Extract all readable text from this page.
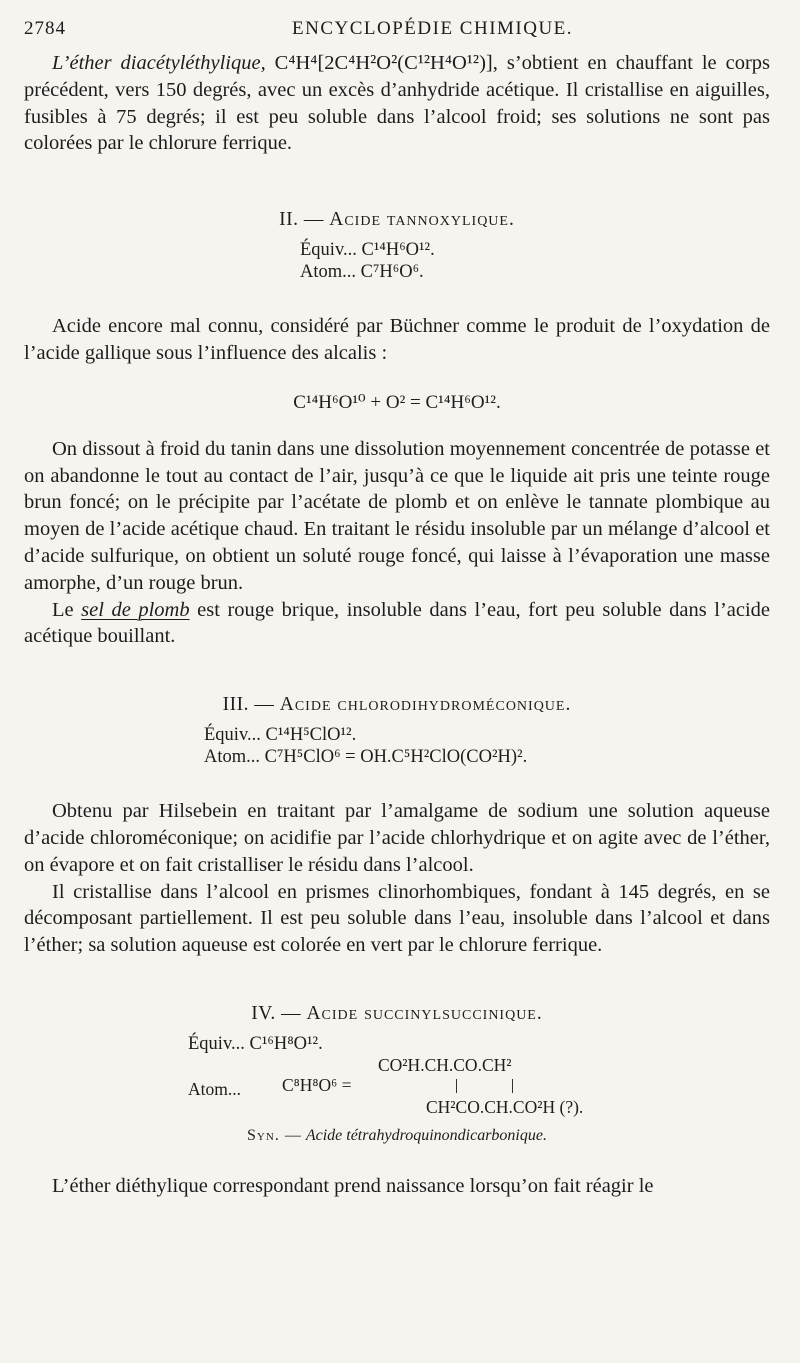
2784	ENCYCLOPÉDIE CHIMIQUE.

L’éther diacétyléthylique, C⁴H⁴[2C⁴H²O²(C¹²H⁴O¹²)], s’obtient en chauffant le corps précédent, vers 150 degrés, avec un excès d’anhydride acétique. Il cristallise en aiguilles, fusibles à 75 degrés; il est peu soluble dans l’alcool froid; ses solutions ne sont pas colorées par le chlorure ferrique.

II. — Acide tannoxylique.
Équiv... C¹⁴H⁶O¹².
Atom... C⁷H⁶O⁶.

Acide encore mal connu, considéré par Büchner comme le produit de l’oxydation de l’acide gallique sous l’influence des alcalis :

C¹⁴H⁶O¹⁰ + O² = C¹⁴H⁶O¹².

On dissout à froid du tanin dans une dissolution moyennement concentrée de potasse et on abandonne le tout au contact de l’air, jusqu’à ce que le liquide ait pris une teinte rouge brun foncé; on le précipite par l’acétate de plomb et on enlève le tannate plombique au moyen de l’acide acétique chaud. En traitant le résidu insoluble par un mélange d’alcool et d’acide sulfurique, on obtient un soluté rouge foncé, qui laisse à l’évaporation une masse amorphe, d’un rouge brun.

Le sel de plomb est rouge brique, insoluble dans l’eau, fort peu soluble dans l’acide acétique bouillant.

III. — Acide chlorodihydroméconique.
Équiv... C¹⁴H⁵ClO¹².
Atom... C⁷H⁵ClO⁶ = OH.C⁵H²ClO(CO²H)².

Obtenu par Hilsebein en traitant par l’amalgame de sodium une solution aqueuse d’acide chloroméconique; on acidifie par l’acide chlorhydrique et on agite avec de l’éther, on évapore et on fait cristalliser le résidu dans l’alcool.

Il cristallise dans l’alcool en prismes clinorhombiques, fondant à 145 degrés, en se décomposant partiellement. Il est peu soluble dans l’eau, insoluble dans l’alcool et dans l’éther; sa solution aqueuse est colorée en vert par le chlorure ferrique.

IV. — Acide succinylsuccinique.
Équiv... C¹⁶H⁸O¹².
Atom... C⁸H⁸O⁶ =
CO²H.CH.CO.CH²
CH²CO.CH.CO²H (?).
Syn. — Acide tétrahydroquinondicarbonique.

L’éther diéthylique correspondant prend naissance lorsqu’on fait réagir le
